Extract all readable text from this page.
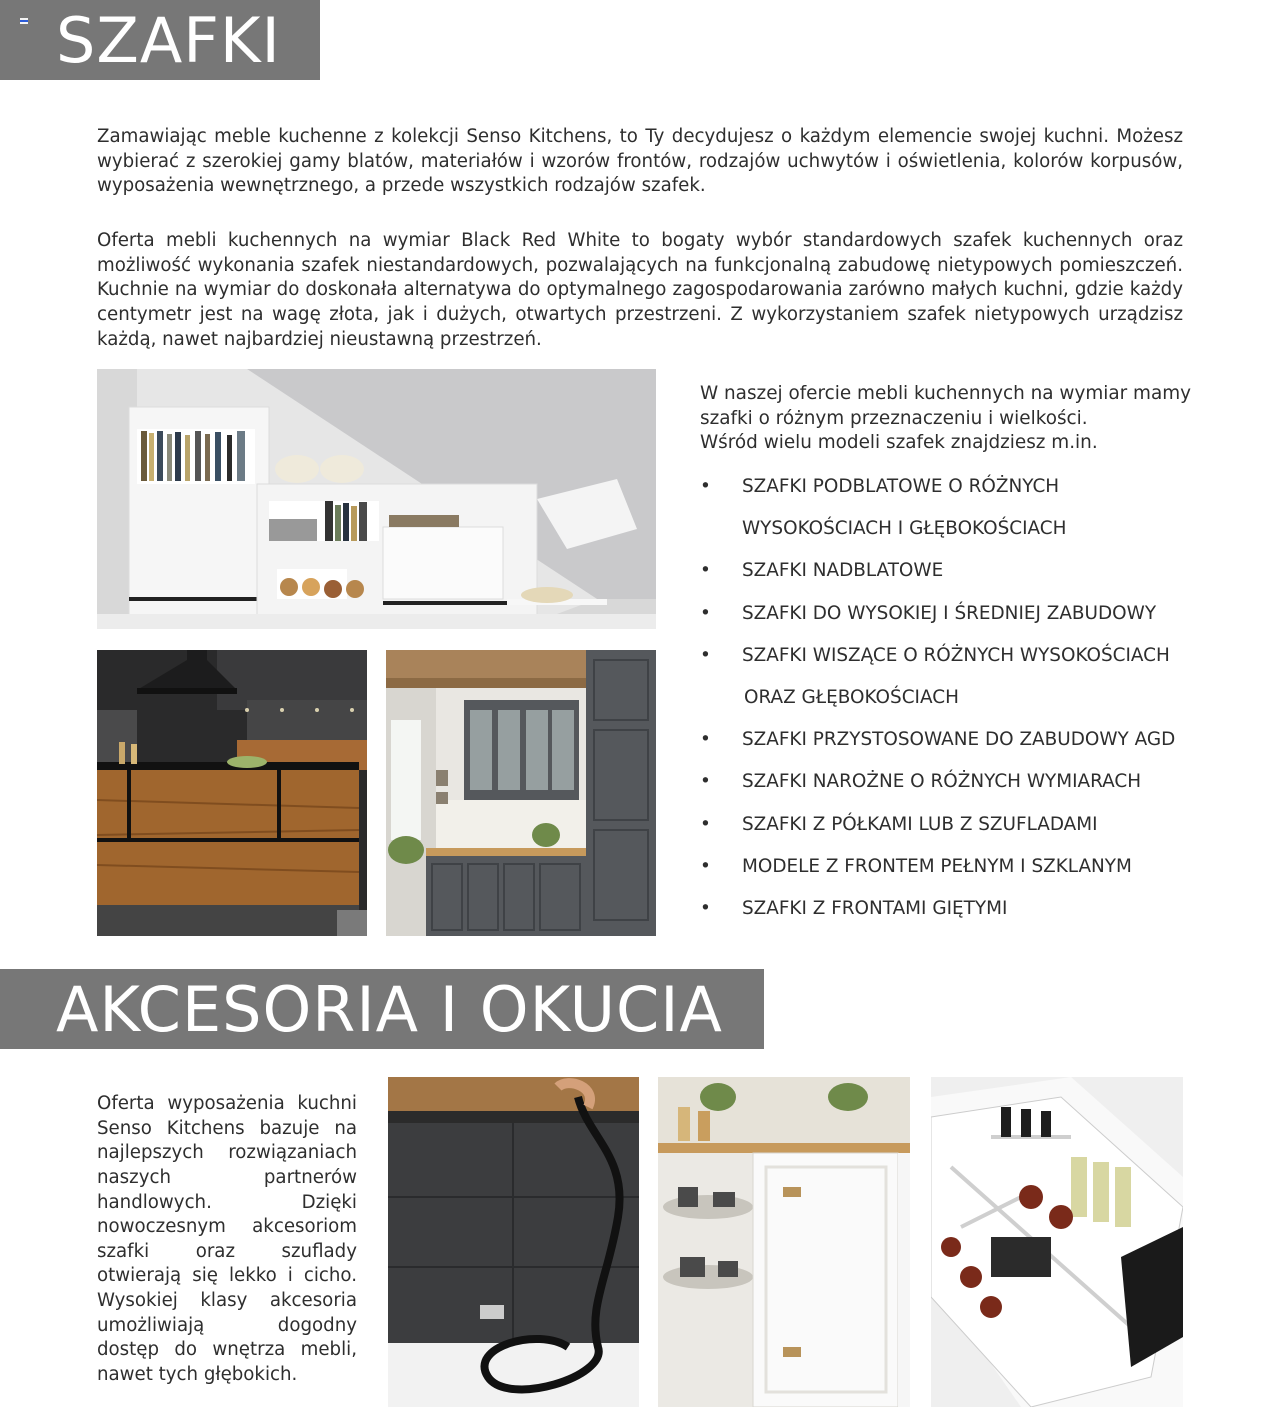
SZAFKI

Zamawiając meble kuchenne z kolekcji Senso Kitchens, to Ty decydujesz o każdym elemencie swojej kuchni. Możesz wybierać z szerokiej gamy blatów, materiałów i wzorów frontów, rodzajów uchwytów i oświetlenia, kolorów korpusów, wyposażenia wewnętrznego, a przede wszystkich rodzajów szafek.

Oferta mebli kuchennych na wymiar Black Red White to bogaty wybór standardowych szafek kuchennych oraz możliwość wykonania szafek niestandardowych, pozwalających na funkcjonalną zabudowę nietypowych pomieszczeń. Kuchnie na wymiar do doskonała alternatywa do optymalnego zagospodarowania zarówno małych kuchni, gdzie każdy centymetr jest na wagę złota, jak i dużych, otwartych przestrzeni. Z wykorzystaniem szafek nietypowych urządzisz każdą, nawet najbardziej nieustawną przestrzeń.

W naszej ofercie mebli kuchennych na wymiar mamy
szafki o różnym przeznaczeniu i wielkości.
Wśród wielu modeli szafek znajdziesz m.in.

• SZAFKI PODBLATOWE O RÓŻNYCH
WYSOKOŚCIACH I GŁĘBOKOŚCIACH
• SZAFKI NADBLATOWE
• SZAFKI DO WYSOKIEJ I ŚREDNIEJ ZABUDOWY
• SZAFKI WISZĄCE O RÓŻNYCH WYSOKOŚCIACH
ORAZ GŁĘBOKOŚCIACH
• SZAFKI PRZYSTOSOWANE DO ZABUDOWY AGD
• SZAFKI NAROŻNE O RÓŻNYCH WYMIARACH
• SZAFKI Z PÓŁKAMI LUB Z SZUFLADAMI
• MODELE Z FRONTEM PEŁNYM I SZKLANYM
• SZAFKI Z FRONTAMI GIĘTYMI
AKCESORIA I OKUCIA

Oferta wyposażenia kuchni Senso Kitchens bazuje na najlepszych rozwiązaniach naszych partnerów handlowych. Dzięki nowoczesnym akcesoriom szafki oraz szuflady otwierają się lekko i cicho. Wysokiej klasy akcesoria umożliwiają dogodny dostęp do wnętrza mebli, nawet tych głębokich.
